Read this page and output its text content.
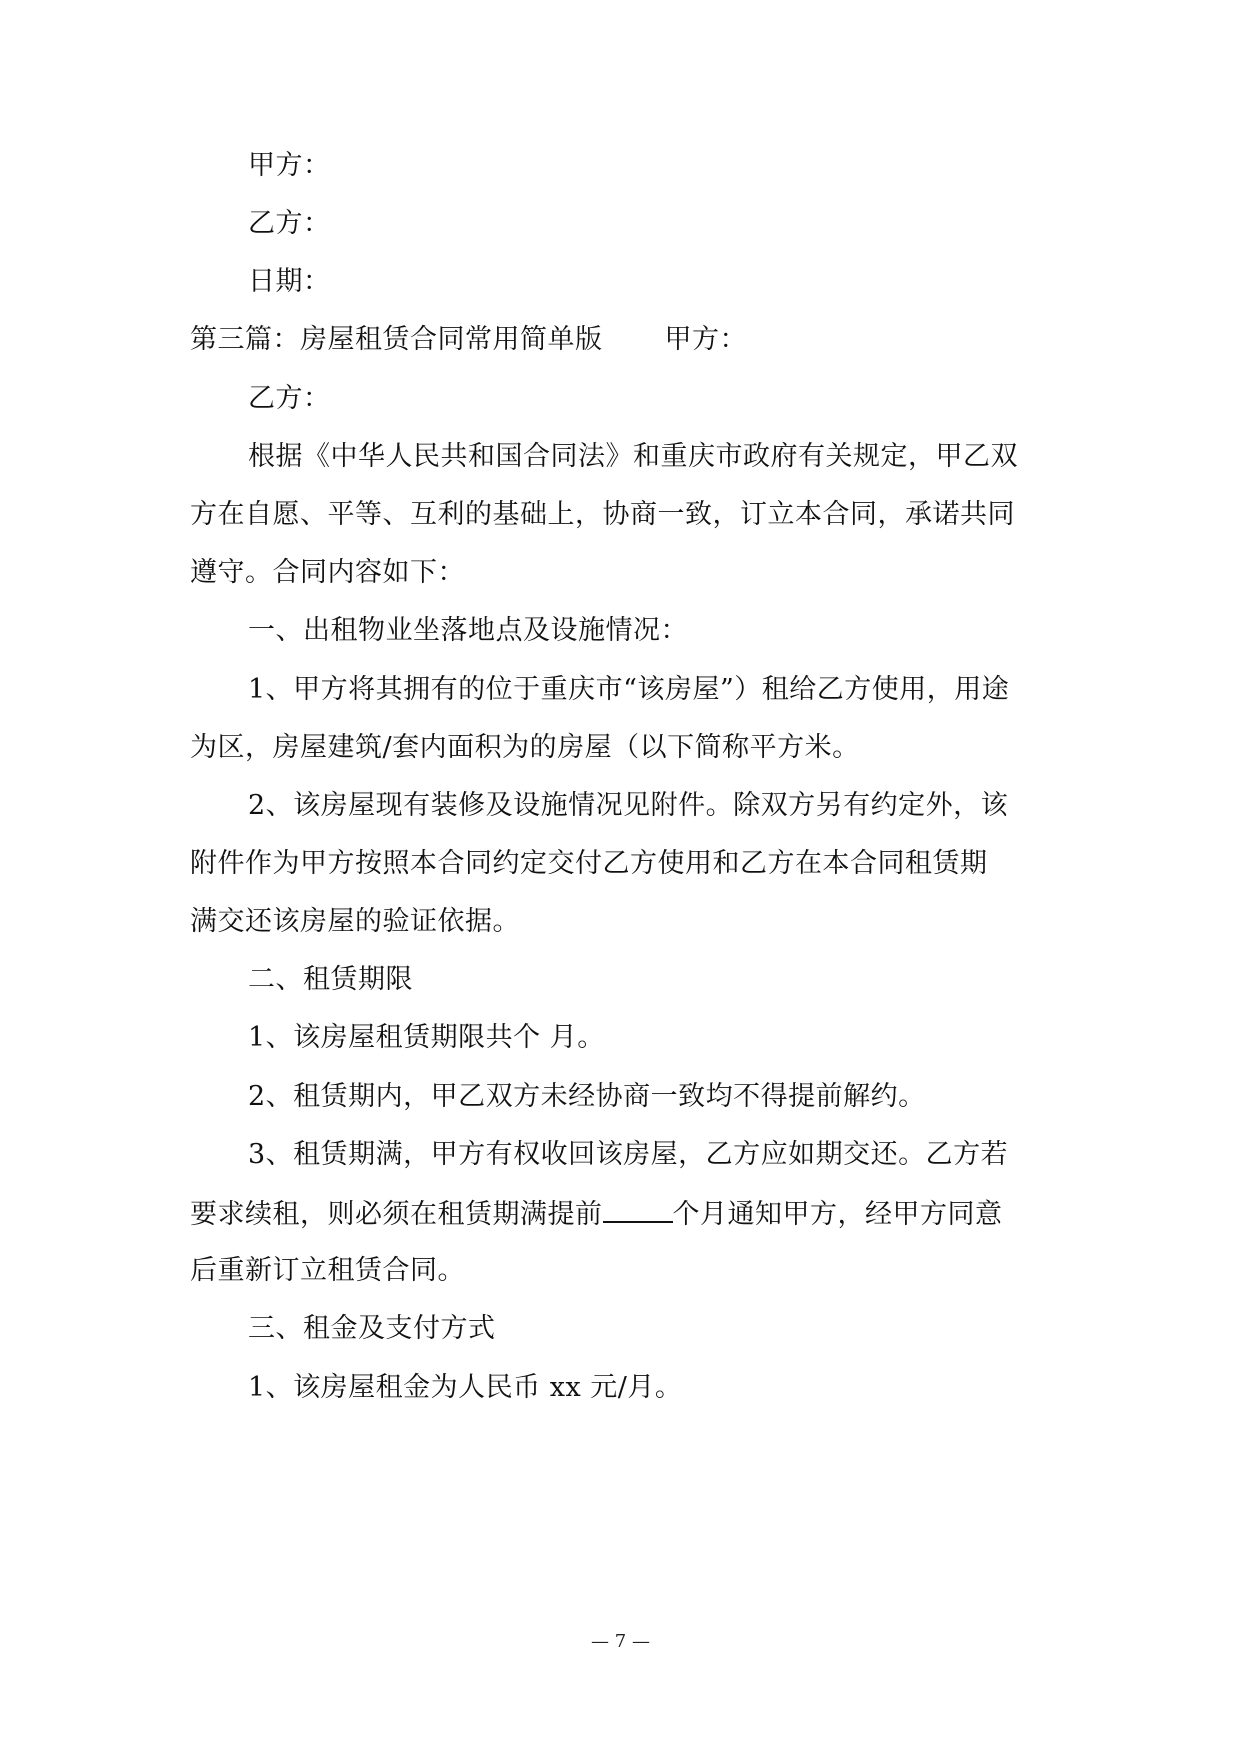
甲方：
乙方：
日期：
第三篇：房屋租赁合同常用简单版 甲方：
乙方：
根据《中华人民共和国合同法》和重庆市政府有关规定，甲乙双
方在自愿、平等、互利的基础上，协商一致，订立本合同，承诺共同
遵守。合同内容如下：
一、出租物业坐落地点及设施情况：
1、甲方将其拥有的位于重庆市“该房屋”）租给乙方使用，用途
为区，房屋建筑/套内面积为的房屋（以下简称平方米。
2、该房屋现有装修及设施情况见附件。除双方另有约定外，该
附件作为甲方按照本合同约定交付乙方使用和乙方在本合同租赁期
满交还该房屋的验证依据。
二、租赁期限
1、该房屋租赁期限共个 月。
2、租赁期内，甲乙双方未经协商一致均不得提前解约。
3、租赁期满，甲方有权收回该房屋，乙方应如期交还。乙方若
要求续租，则必须在租赁期满提前	个月通知甲方，经甲方同意
后重新订立租赁合同。
三、租金及支付方式
1、该房屋租金为人民币 xx 元/月。
— 7 —
